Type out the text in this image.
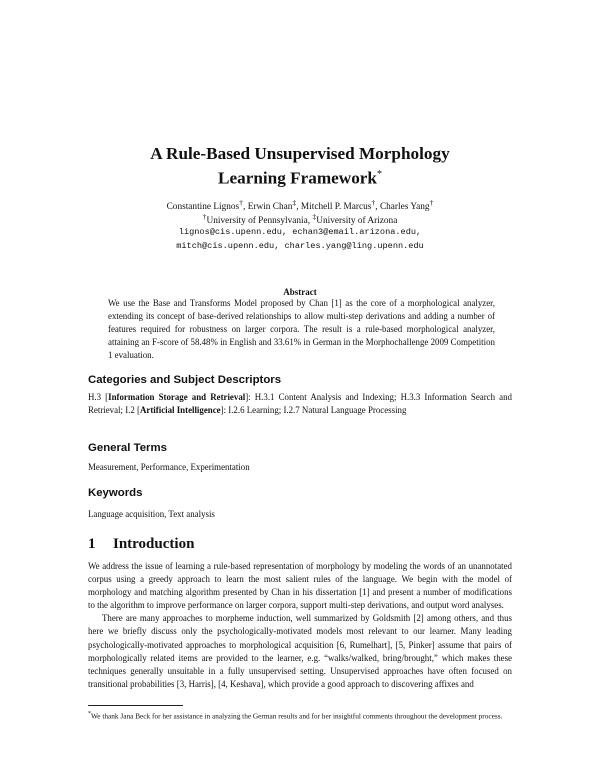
A Rule-Based Unsupervised Morphology
Learning Framework*
Constantine Lignos†, Erwin Chan‡, Mitchell P. Marcus†, Charles Yang†
†University of Pennsylvania, ‡University of Arizona
lignos@cis.upenn.edu, echan3@email.arizona.edu,
mitch@cis.upenn.edu, charles.yang@ling.upenn.edu
Abstract
We use the Base and Transforms Model proposed by Chan [1] as the core of a morphological analyzer, extending its concept of base-derived relationships to allow multi-step derivations and adding a number of features required for robustness on larger corpora. The result is a rule-based morphological analyzer, attaining an F-score of 58.48% in English and 33.61% in German in the Morphochallenge 2009 Competition 1 evaluation.
Categories and Subject Descriptors
H.3 [Information Storage and Retrieval]: H.3.1 Content Analysis and Indexing; H.3.3 Information Search and Retrieval; I.2 [Artificial Intelligence]: I.2.6 Learning; I.2.7 Natural Language Processing
General Terms
Measurement, Performance, Experimentation
Keywords
Language acquisition, Text analysis
1 Introduction

We address the issue of learning a rule-based representation of morphology by modeling the words of an unannotated corpus using a greedy approach to learn the most salient rules of the language. We begin with the model of morphology and matching algorithm presented by Chan in his dissertation [1] and present a number of modifications to the algorithm to improve performance on larger corpora, support multi-step derivations, and output word analyses.

There are many approaches to morpheme induction, well summarized by Goldsmith [2] among others, and thus here we briefly discuss only the psychologically-motivated models most relevant to our learner. Many leading psychologically-motivated approaches to morphological acquisition [6, Rumelhart], [5, Pinker] assume that pairs of morphologically related items are provided to the learner, e.g. “walks/walked, bring/brought,” which makes these techniques generally unsuitable in a fully unsupervised setting. Unsupervised approaches have often focused on transitional probabilities [3, Harris], [4, Keshava], which provide a good approach to discovering affixes and

*We thank Jana Beck for her assistance in analyzing the German results and for her insightful comments throughout the development process.
